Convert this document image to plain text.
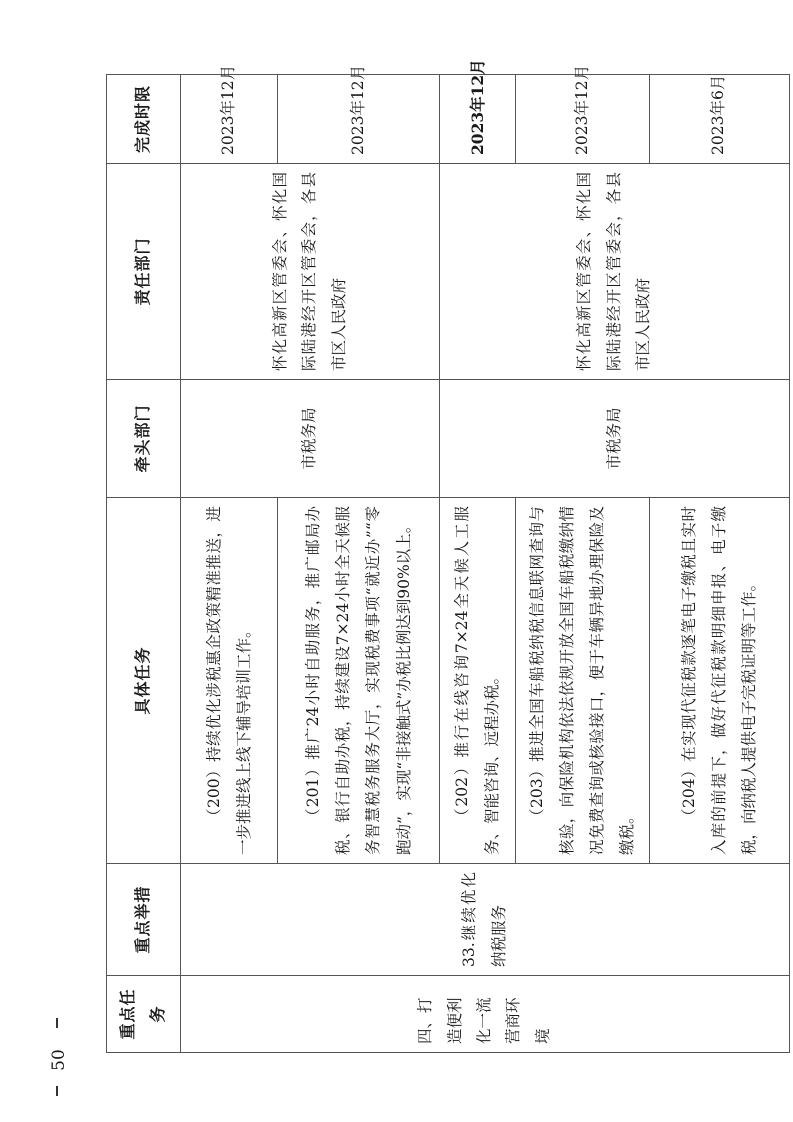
50
重点任务	重点举措	具体任务	牵头部门	责任部门	完成时限
四、打造便利化一流营商环境	33.继续优化纳税服务	（200）持续优化涉税惠企政策精准推送，进一步推进线上线下辅导培训工作。	市税务局	怀化高新区管委会、怀化国际陆港经开区管委会，各县市区人民政府	2023年12月
		（201）推广24小时自助服务，推广邮局办税、银行自助办税，持续建设7×24小时全天候服务智慧税务服务大厅，实现税费事项“就近办”“零跑动”，实现“非接触式”办税比例达到90%以上。			2023年12月
		（202）推行在线咨询7×24全天候人工服务、智能咨询、远程办税。	市税务局	怀化高新区管委会、怀化国际陆港经开区管委会，各县市区人民政府	2023年12月
		（203）推进全国车船税纳税信息联网查询与核验，向保险机构依法依规开放全国车船税缴纳情况免费查询或核验接口，便于车辆异地办理保险及缴税。			2023年12月
		（204）在实现代征税款逐笔电子缴税且实时入库的前提下，做好代征税款明细申报、电子缴税，向纳税人提供电子完税证明等工作。			2023年6月
